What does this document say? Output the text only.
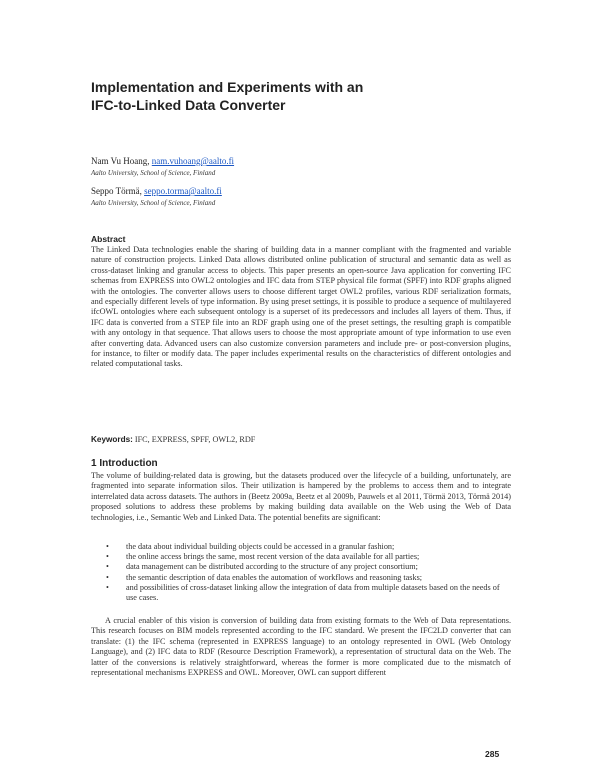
Implementation and Experiments with an
IFC-to-Linked Data Converter
Nam Vu Hoang, nam.vuhoang@aalto.fi
Aalto University, School of Science, Finland
Seppo Törmä, seppo.torma@aalto.fi
Aalto University, School of Science, Finland
Abstract
The Linked Data technologies enable the sharing of building data in a manner compliant with the fragmented and variable nature of construction projects. Linked Data allows distributed online publication of structural and semantic data as well as cross-dataset linking and granular access to objects. This paper presents an open-source Java application for converting IFC schemas from EXPRESS into OWL2 ontologies and IFC data from STEP physical file format (SPFF) into RDF graphs aligned with the ontologies. The converter allows users to choose different target OWL2 profiles, various RDF serialization formats, and especially different levels of type information. By using preset settings, it is possible to produce a sequence of multilayered ifcOWL ontologies where each subsequent ontology is a superset of its predecessors and includes all layers of them. Thus, if IFC data is converted from a STEP file into an RDF graph using one of the preset settings, the resulting graph is compatible with any ontology in that sequence. That allows users to choose the most appropriate amount of type information to use even after converting data. Advanced users can also customize conversion parameters and include pre- or post-conversion plugins, for instance, to filter or modify data. The paper includes experimental results on the characteristics of different ontologies and related computational tasks.
Keywords: IFC, EXPRESS, SPFF, OWL2, RDF
1 Introduction
The volume of building-related data is growing, but the datasets produced over the lifecycle of a building, unfortunately, are fragmented into separate information silos. Their utilization is hampered by the problems to access them and to integrate interrelated data across datasets. The authors in (Beetz 2009a, Beetz et al 2009b, Pauwels et al 2011, Törmä 2013, Törmä 2014) proposed solutions to address these problems by making building data available on the Web using the Web of Data technologies, i.e., Semantic Web and Linked Data. The potential benefits are significant:
• the data about individual building objects could be accessed in a granular fashion;
• the online access brings the same, most recent version of the data available for all parties;
• data management can be distributed according to the structure of any project consortium;
• the semantic description of data enables the automation of workflows and reasoning tasks;
• and possibilities of cross-dataset linking allow the integration of data from multiple datasets based on the needs of use cases.
A crucial enabler of this vision is conversion of building data from existing formats to the Web of Data representations. This research focuses on BIM models represented according to the IFC standard. We present the IFC2LD converter that can translate: (1) the IFC schema (represented in EXPRESS language) to an ontology represented in OWL (Web Ontology Language), and (2) IFC data to RDF (Resource Description Framework), a representation of structural data on the Web. The latter of the conversions is relatively straightforward, whereas the former is more complicated due to the mismatch of representational mechanisms EXPRESS and OWL. Moreover, OWL can support different
285
